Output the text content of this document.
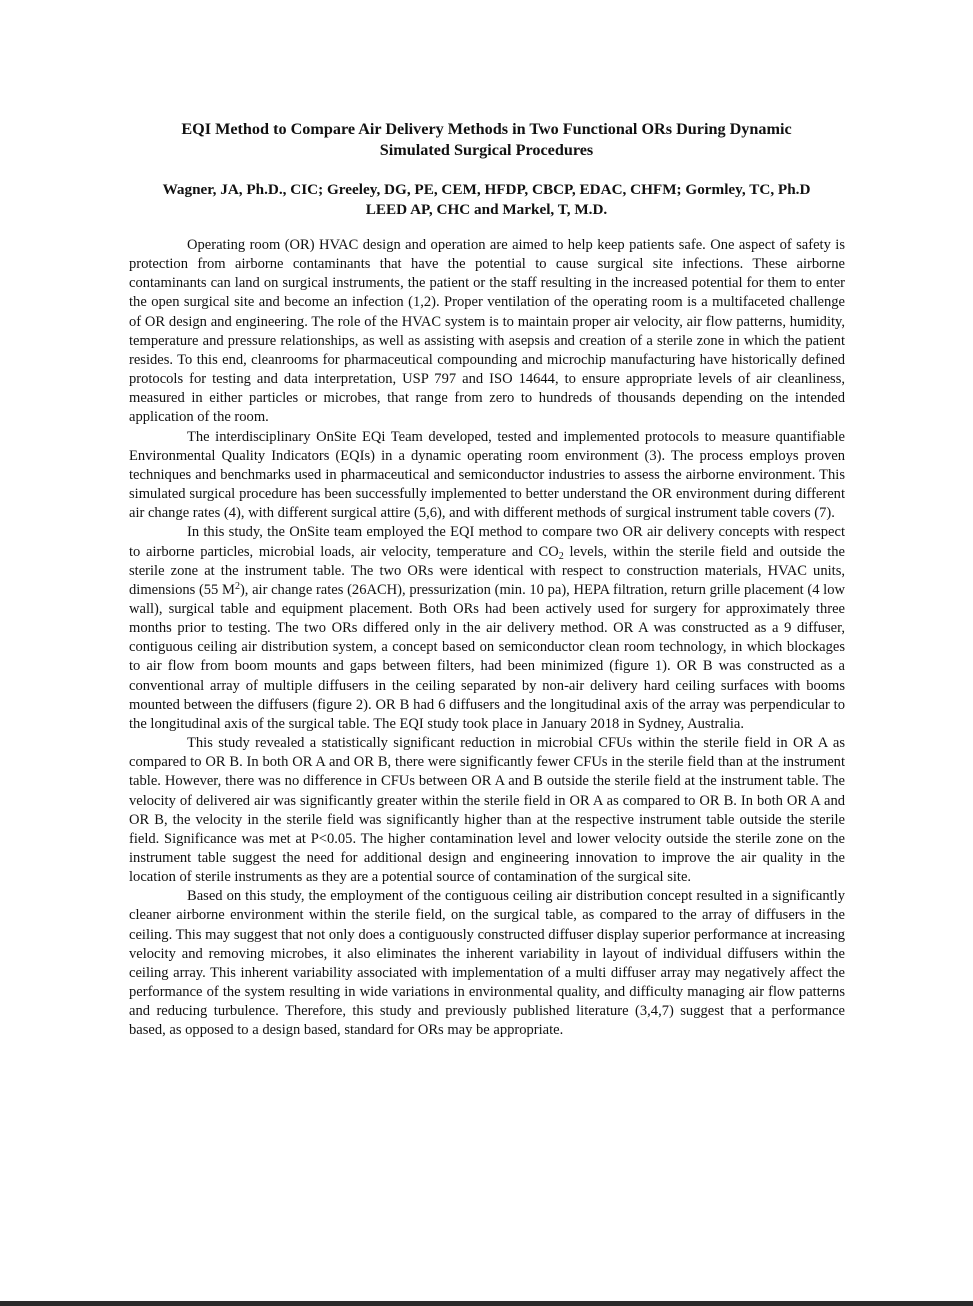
EQI Method to Compare Air Delivery Methods in Two Functional ORs During Dynamic
Simulated Surgical Procedures
Wagner, JA, Ph.D., CIC; Greeley, DG, PE, CEM, HFDP, CBCP, EDAC, CHFM; Gormley, TC, Ph.D
LEED AP, CHC and Markel, T, M.D.

Operating room (OR) HVAC design and operation are aimed to help keep patients safe. One aspect of safety is protection from airborne contaminants that have the potential to cause surgical site infections. These airborne contaminants can land on surgical instruments, the patient or the staff resulting in the increased potential for them to enter the open surgical site and become an infection (1,2). Proper ventilation of the operating room is a multifaceted challenge of OR design and engineering. The role of the HVAC system is to maintain proper air velocity, air flow patterns, humidity, temperature and pressure relationships, as well as assisting with asepsis and creation of a sterile zone in which the patient resides. To this end, cleanrooms for pharmaceutical compounding and microchip manufacturing have historically defined protocols for testing and data interpretation, USP 797 and ISO 14644, to ensure appropriate levels of air cleanliness, measured in either particles or microbes, that range from zero to hundreds of thousands depending on the intended application of the room.

The interdisciplinary OnSite EQi Team developed, tested and implemented protocols to measure quantifiable Environmental Quality Indicators (EQIs) in a dynamic operating room environment (3). The process employs proven techniques and benchmarks used in pharmaceutical and semiconductor industries to assess the airborne environment. This simulated surgical procedure has been successfully implemented to better understand the OR environment during different air change rates (4), with different surgical attire (5,6), and with different methods of surgical instrument table covers (7).

In this study, the OnSite team employed the EQI method to compare two OR air delivery concepts with respect to airborne particles, microbial loads, air velocity, temperature and $CO_2$ levels, within the sterile field and outside the sterile zone at the instrument table. The two ORs were identical with respect to construction materials, HVAC units, dimensions (55 $M^2$), air change rates (26ACH), pressurization (min. 10 pa), HEPA filtration, return grille placement (4 low wall), surgical table and equipment placement. Both ORs had been actively used for surgery for approximately three months prior to testing. The two ORs differed only in the air delivery method. OR A was constructed as a 9 diffuser, contiguous ceiling air distribution system, a concept based on semiconductor clean room technology, in which blockages to air flow from boom mounts and gaps between filters, had been minimized (figure 1). OR B was constructed as a conventional array of multiple diffusers in the ceiling separated by non-air delivery hard ceiling surfaces with booms mounted between the diffusers (figure 2). OR B had 6 diffusers and the longitudinal axis of the array was perpendicular to the longitudinal axis of the surgical table. The EQI study took place in January 2018 in Sydney, Australia.

This study revealed a statistically significant reduction in microbial CFUs within the sterile field in OR A as compared to OR B. In both OR A and OR B, there were significantly fewer CFUs in the sterile field than at the instrument table. However, there was no difference in CFUs between OR A and B outside the sterile field at the instrument table. The velocity of delivered air was significantly greater within the sterile field in OR A as compared to OR B. In both OR A and OR B, the velocity in the sterile field was significantly higher than at the respective instrument table outside the sterile field. Significance was met at P<0.05. The higher contamination level and lower velocity outside the sterile zone on the instrument table suggest the need for additional design and engineering innovation to improve the air quality in the location of sterile instruments as they are a potential source of contamination of the surgical site.

Based on this study, the employment of the contiguous ceiling air distribution concept resulted in a significantly cleaner airborne environment within the sterile field, on the surgical table, as compared to the array of diffusers in the ceiling. This may suggest that not only does a contiguously constructed diffuser display superior performance at increasing velocity and removing microbes, it also eliminates the inherent variability in layout of individual diffusers within the ceiling array. This inherent variability associated with implementation of a multi diffuser array may negatively affect the performance of the system resulting in wide variations in environmental quality, and difficulty managing air flow patterns and reducing turbulence. Therefore, this study and previously published literature (3,4,7) suggest that a performance based, as opposed to a design based, standard for ORs may be appropriate.
